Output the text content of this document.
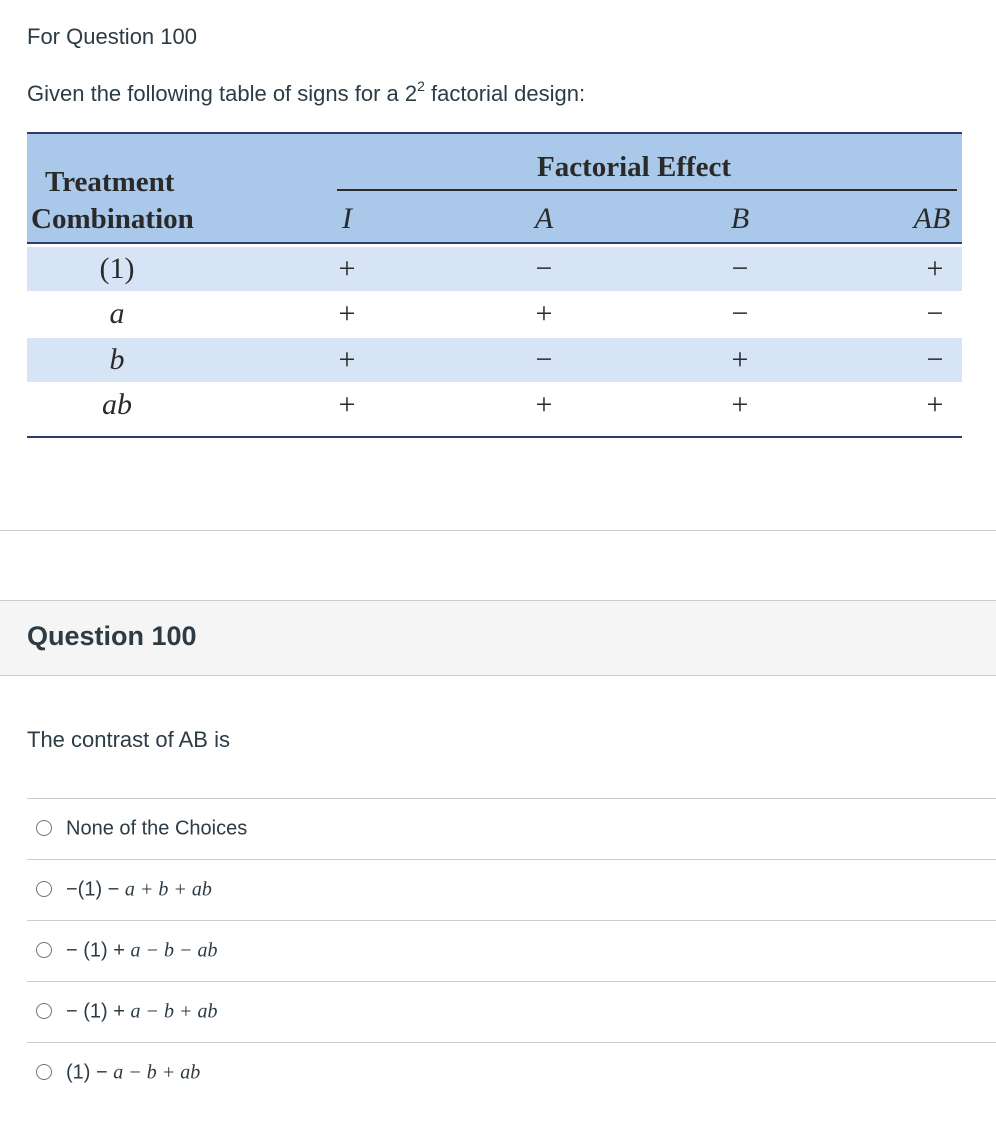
For Question 100
Given the following table of signs for a $2^2$ factorial design:
Treatment
Combination
Factorial Effect
I	A	B	AB
(1)	+	−	−	+
a	+	+	−	−
b	+	−	+	−
ab	+	+	+	+
Question 100
The contrast of AB is
None of the Choices
−(1) − a + b + ab
− (1) + a − b − ab
− (1) + a − b + ab
(1) − a − b + ab
